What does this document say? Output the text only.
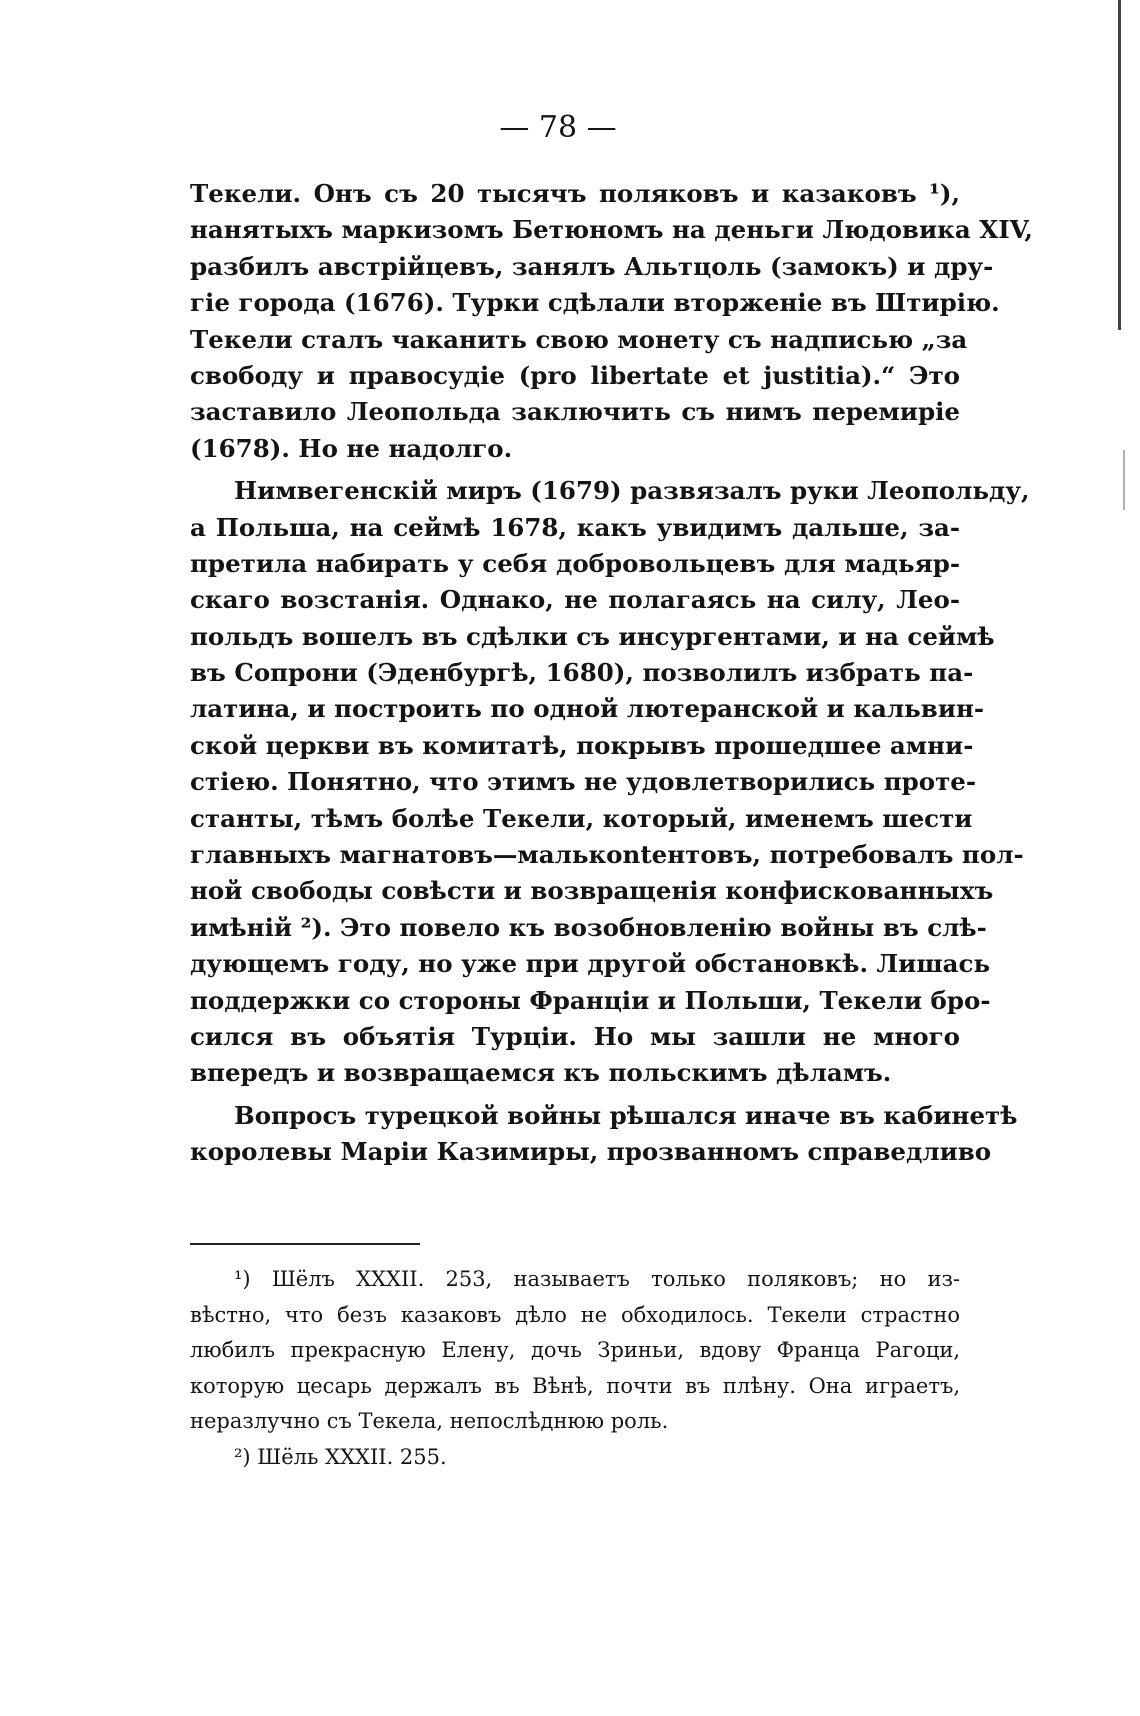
— 78 —
Текели. Онъ съ 20 тысячъ поляковъ и казаковъ ¹),
нанятыхъ маркизомъ Бетюномъ на деньги Людовика XIV,
разбилъ австрійцевъ, занялъ Альтцоль (замокъ) и дру-
гіе города (1676). Турки сдѣлали вторженіе въ Штирію.
Текели сталъ чаканить свою монету съ надписью „за
свободу и правосудіе (pro libertate et justitia).“ Это
заставило Леопольда заключить съ нимъ перемиріе
(1678). Но не надолго.
Нимвегенскій миръ (1679) развязалъ руки Леопольду,
а Польша, на сеймѣ 1678, какъ увидимъ дальше, за-
претила набирать у себя добровольцевъ для мадьяр-
скаго возстанія. Однако, не полагаясь на силу, Лео-
польдъ вошелъ въ сдѣлки съ инсургентами, и на сеймѣ
въ Сопрони (Эденбургѣ, 1680), позволилъ избрать па-
латина, и построить по одной лютеранской и кальвин-
ской церкви въ комитатѣ, покрывъ прошедшее амни-
стіею. Понятно, что этимъ не удовлетворились проте-
станты, тѣмъ болѣе Текели, который, именемъ шести
главныхъ магнатовъ—малькontентовъ, потребовалъ пол-
ной свободы совѣсти и возвращенія конфискованныхъ
имѣній ²). Это повело къ возобновленію войны въ слѣ-
дующемъ году, но уже при другой обстановкѣ. Лишась
поддержки со стороны Франціи и Польши, Текели бро-
сился въ объятія Турціи. Но мы зашли не много
впередъ и возвращаемся къ польскимъ дѣламъ.
Вопросъ турецкой войны рѣшался иначе въ кабинетѣ
королевы Маріи Казимиры, прозванномъ справедливо
¹) Шёлъ XXXII. 253, называетъ только поляковъ; но из-
вѣстно, что безъ казаковъ дѣло не обходилось. Текели страстно
любилъ прекрасную Елену, дочь Зриньи, вдову Франца Рагоци,
которую цесарь держалъ въ Вѣнѣ, почти въ плѣну. Она играетъ,
неразлучно съ Текела, непослѣднюю роль.
²) Шёль XXXII. 255.
